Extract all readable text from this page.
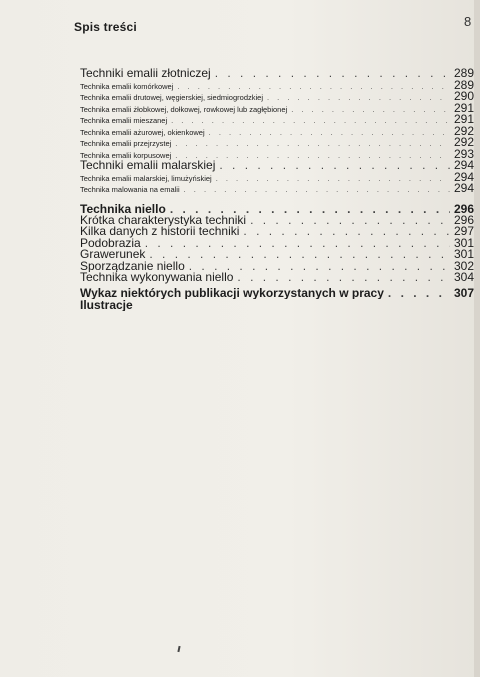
Spis treści	8
Techniki emalii złotniczej . . .	289
Technika emalii komórkowej . . .	289
Technika emalii drutowej, węgierskiej, siedmiogrodzkiej . . .	290
Technika emalii żłobkowej, dołkowej, rowkowej lub zagłębionej . . .	291
Technika emalii mieszanej . . .	291
Technika emalii ażurowej, okienkowej . . .	292
Technika emalii przejrzystej . . .	292
Technika emalii korpusowej . . .	293
Techniki emalii malarskiej . . .	294
Technika emalii malarskiej, limużyńskiej . . .	294
Technika malowania na emalii . . .	294
Technika niello . . .	296
Krótka charakterystyka techniki . . .	296
Kilka danych z historii techniki . . .	297
Podobrazia . . .	301
Grawerunek . . .	301
Sporządzanie niello . . .	302
Technika wykonywania niello . . .	304
Wykaz niektórych publikacji wykorzystanych w pracy . . .	307
Ilustracje
